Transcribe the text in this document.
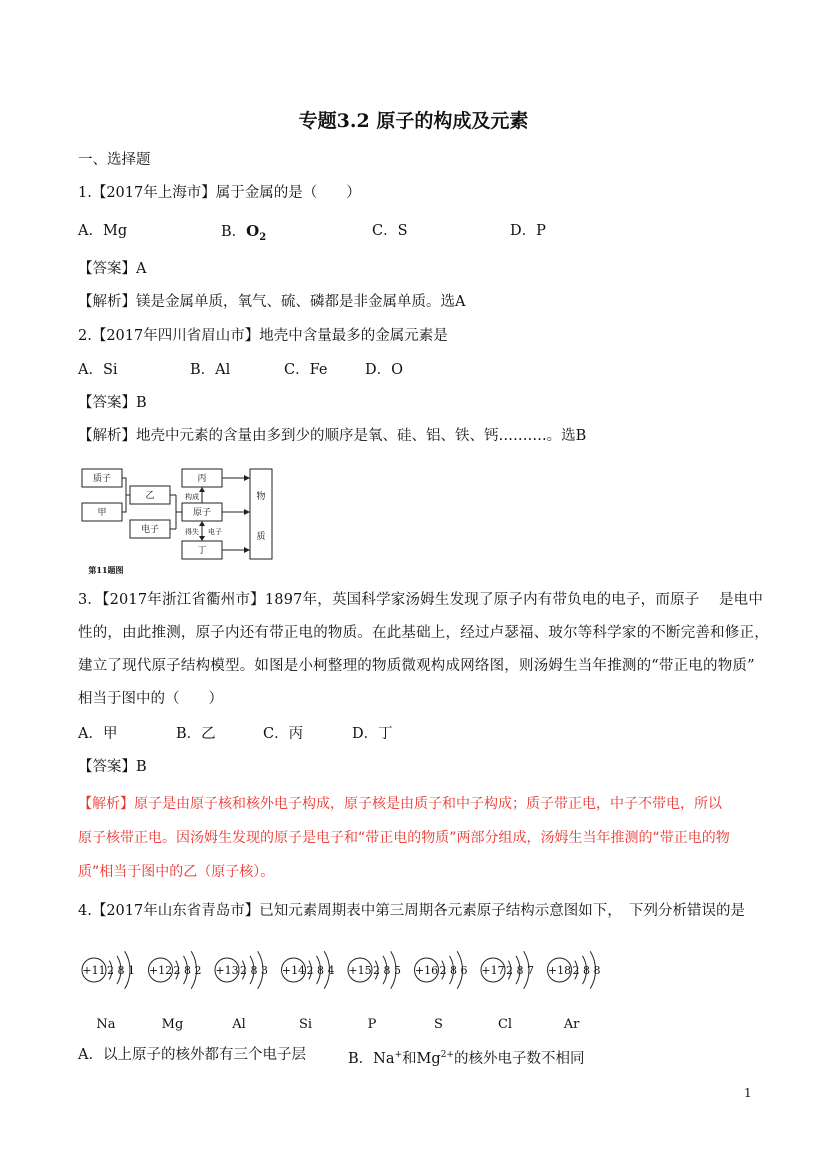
专题3.2 原子的构成及元素
一、选择题
1.【2017年上海市】属于金属的是（　　）
A．Mg	B．$O_2$	C．S	D．P
【答案】A
【解析】镁是金属单质，氧气、硫、磷都是非金属单质。选A
2.【2017年四川省眉山市】地壳中含量最多的金属元素是
A．Si	B．Al	C．Fe	D．O
【答案】B
【解析】地壳中元素的含量由多到少的顺序是氧、硅、铝、铁、钙……….。选B
质子
甲
乙
电子
丙
原子
丁
构成
得失 电子
物
质
第11题图
3．【2017年浙江省衢州市】1897年，英国科学家汤姆生发现了原子内有带负电的电子，而原子　 是电中
性的，由此推测，原子内还有带正电的物质。在此基础上，经过卢瑟福、玻尔等科学家的不断完善和修正，
建立了现代原子结构模型。如图是小柯整理的物质微观构成网络图，则汤姆生当年推测的“带正电的物质”
相当于图中的（　　）
A．甲	B．乙	C．丙	D．丁
【答案】B
【解析】原子是由原子核和核外电子构成，原子核是由质子和中子构成；质子带正电，中子不带电，所以
原子核带正电。因汤姆生发现的原子是电子和“带正电的物质”两部分组成，汤姆生当年推测的“带正电的物
质”相当于图中的乙（原子核）。
4.【2017年山东省青岛市】已知元素周期表中第三周期各元素原子结构示意图如下，　下列分析错误的是
+11 2 8 1
Na
+12 2 8 2
Mg
+13 2 8 3
Al
+14 2 8 4
Si
+15 2 8 5
P
+16 2 8 6
S
+17 2 8 7
Cl
+18 2 8 8
Ar
A．以上原子的核外都有三个电子层	B．Na+和$Mg^{2+}$的核外电子数不相同
1
